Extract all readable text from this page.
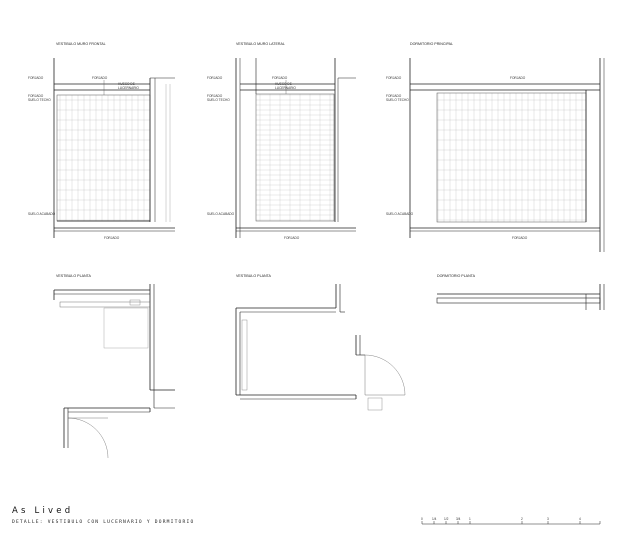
VESTIBULO MURO FRONTAL	VESTIBULO MURO LATERAL	DORMITORIO PRINCIPAL
VESTIBULO PLANTA	VESTIBULO PLANTA	DORMITORIO PLANTA
FORJADO	FORJADO
FORJADO
SUELO TECHO
HUECO DE
LUCERNARIO
SUELO ACABADO
FORJADO
FORJADO	FORJADO
FORJADO
SUELO TECHO
HUECO DE
LUCERNARIO
SUELO ACABADO
FORJADO
FORJADO	FORJADO
FORJADO
SUELO TECHO
SUELO ACABADO
FORJADO
As Lived
DETALLE: VESTIBULO CON LUCERNARIO Y DORMITORIO
0	1/4 1/2 3/4	1	2	3	4
